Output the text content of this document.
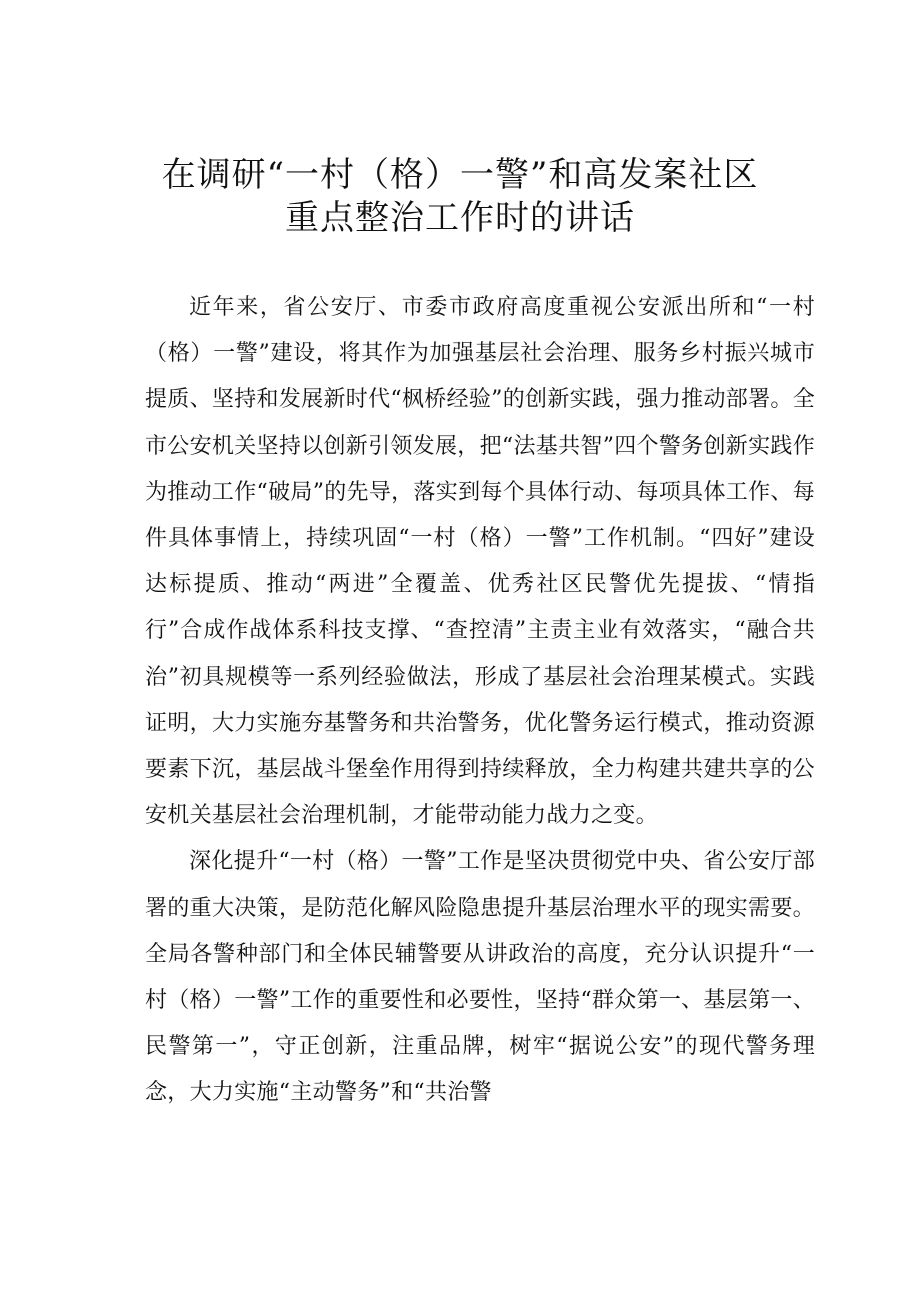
在调研“一村（格）一警”和高发案社区
重点整治工作时的讲话

近年来，省公安厅、市委市政府高度重视公安派出所和“一村（格）一警”建设，将其作为加强基层社会治理、服务乡村振兴城市提质、坚持和发展新时代“枫桥经验”的创新实践，强力推动部署。全市公安机关坚持以创新引领发展，把“法基共智”四个警务创新实践作为推动工作“破局”的先导，落实到每个具体行动、每项具体工作、每件具体事情上，持续巩固“一村（格）一警”工作机制。“四好”建设达标提质、推动“两进”全覆盖、优秀社区民警优先提拔、“情指行”合成作战体系科技支撑、“查控清”主责主业有效落实，“融合共治”初具规模等一系列经验做法，形成了基层社会治理某模式。实践证明，大力实施夯基警务和共治警务，优化警务运行模式，推动资源要素下沉，基层战斗堡垒作用得到持续释放，全力构建共建共享的公安机关基层社会治理机制，才能带动能力战力之变。

深化提升“一村（格）一警”工作是坚决贯彻党中央、省公安厅部署的重大决策，是防范化解风险隐患提升基层治理水平的现实需要。全局各警种部门和全体民辅警要从讲政治的高度，充分认识提升“一村（格）一警”工作的重要性和必要性，坚持“群众第一、基层第一、民警第一”，守正创新，注重品牌，树牢“据说公安”的现代警务理念，大力实施“主动警务”和“共治警
